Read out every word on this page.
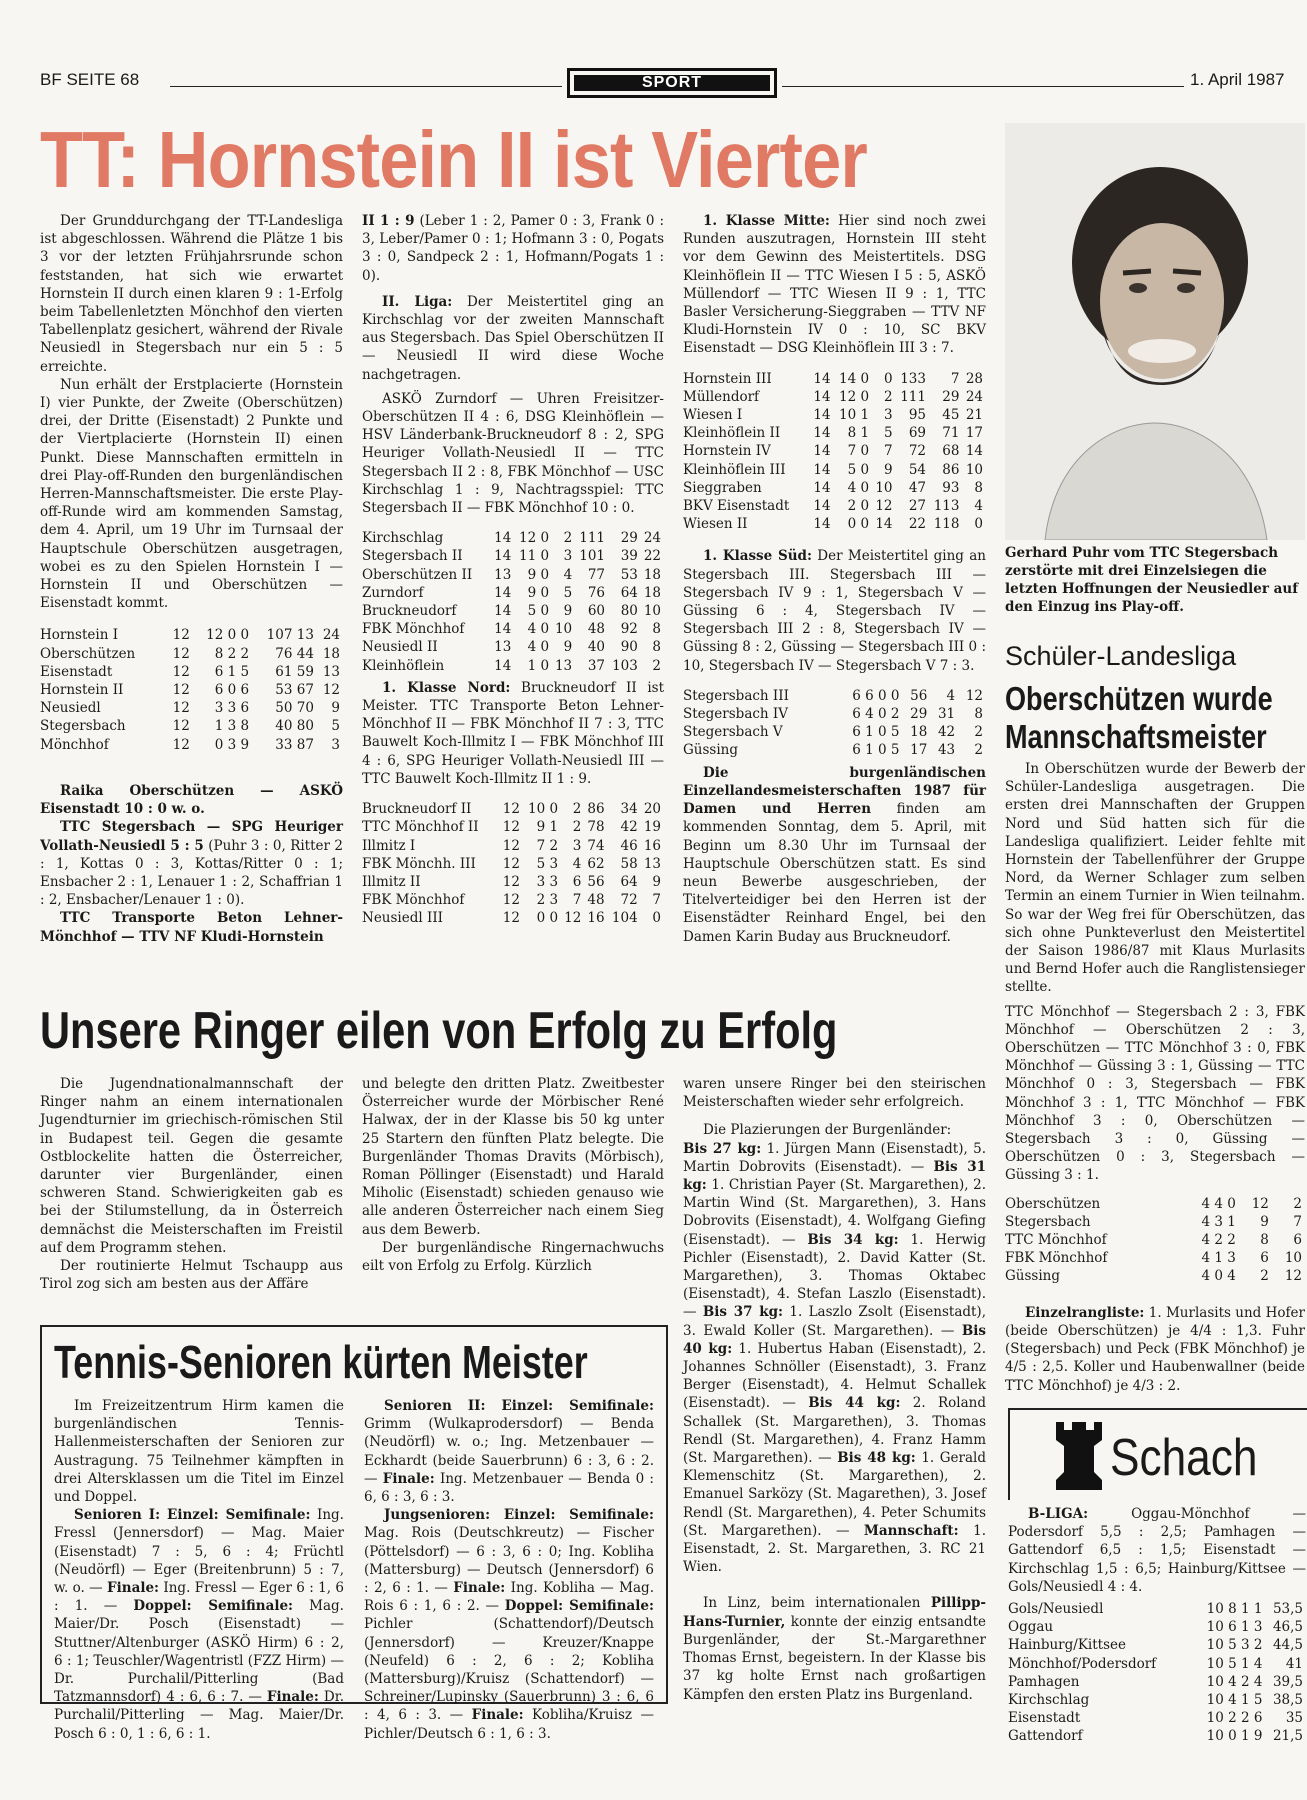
BF SEITE 68	SPORT	1. April 1987
TT: Hornstein II ist Vierter

Der Grunddurchgang der TT-Landesliga ist abgeschlossen. Während die Plätze 1 bis 3 vor der letzten Frühjahrsrunde schon feststanden, hat sich wie erwartet Hornstein II durch einen klaren 9 : 1-Erfolg beim Tabellenletzten Mönchhof den vierten Tabellenplatz gesichert, während der Rivale Neusiedl in Stegersbach nur ein 5 : 5 erreichte.

Nun erhält der Erstplacierte (Hornstein I) vier Punkte, der Zweite (Oberschützen) drei, der Dritte (Eisenstadt) 2 Punkte und der Viertplacierte (Hornstein II) einen Punkt. Diese Mannschaften ermitteln in drei Play-off-Runden den burgenländischen Herren-Mannschaftsmeister. Die erste Play-off-Runde wird am kommenden Samstag, dem 4. April, um 19 Uhr im Turnsaal der Hauptschule Oberschützen ausgetragen, wobei es zu den Spielen Hornstein I — Hornstein II und Oberschützen — Eisenstadt kommt.

Hornstein I	12	12 0 0	107 13	24
Oberschützen	12	8 2 2	76 44	18
Eisenstadt	12	6 1 5	61 59	13
Hornstein II	12	6 0 6	53 67	12
Neusiedl	12	3 3 6	50 70	9
Stegersbach	12	1 3 8	40 80	5
Mönchhof	12	0 3 9	33 87	3

Raika Oberschützen — ASKÖ Eisenstadt 10 : 0 w. o.

TTC Stegersbach — SPG Heuriger Vollath-Neusiedl 5 : 5 (Puhr 3 : 0, Ritter 2 : 1, Kottas 0 : 3, Kottas/Ritter 0 : 1; Ensbacher 2 : 1, Lenauer 1 : 2, Schaffrian 1 : 2, Ensbacher/Lenauer 1 : 0).

TTC Transporte Beton Lehner-Mönchhof — TTV NF Kludi-Hornstein

II 1 : 9 (Leber 1 : 2, Pamer 0 : 3, Frank 0 : 3, Leber/Pamer 0 : 1; Hofmann 3 : 0, Pogats 3 : 0, Sandpeck 2 : 1, Hofmann/Pogats 1 : 0).

II. Liga: Der Meistertitel ging an Kirchschlag vor der zweiten Mannschaft aus Stegersbach. Das Spiel Oberschützen II — Neusiedl II wird diese Woche nachgetragen.

ASKÖ Zurndorf — Uhren Freisitzer-Oberschützen II 4 : 6, DSG Kleinhöflein — HSV Länderbank-Bruckneudorf 8 : 2, SPG Heuriger Vollath-Neusiedl II — TTC Stegersbach II 2 : 8, FBK Mönchhof — USC Kirchschlag 1 : 9, Nachtragsspiel: TTC Stegersbach II — FBK Mönchhof 10 : 0.

Kirchschlag	14	12 0	2	111	29	24
Stegersbach II	14	11 0	3	101	39	22
Oberschützen II	13	9 0	4	77	53	18
Zurndorf	14	9 0	5	76	64	18
Bruckneudorf	14	5 0	9	60	80	10
FBK Mönchhof	14	4 0	10	48	92	8
Neusiedl II	13	4 0	9	40	90	8
Kleinhöflein	14	1 0	13	37	103	2

1. Klasse Nord: Bruckneudorf II ist Meister. TTC Transporte Beton Lehner-Mönchhof II — FBK Mönchhof II 7 : 3, TTC Bauwelt Koch-Illmitz I — FBK Mönchhof III 4 : 6, SPG Heuriger Vollath-Neusiedl III — TTC Bauwelt Koch-Illmitz II 1 : 9.

Bruckneudorf II	12	10 0	2	86	34	20
TTC Mönchhof II	12	9 1	2	78	42	19
Illmitz I	12	7 2	3	74	46	16
FBK Mönchh. III	12	5 3	4	62	58	13
Illmitz II	12	3 3	6	56	64	9
FBK Mönchhof	12	2 3	7	48	72	7
Neusiedl III	12	0 0	12	16	104	0

1. Klasse Mitte: Hier sind noch zwei Runden auszutragen, Hornstein III steht vor dem Gewinn des Meistertitels. DSG Kleinhöflein II — TTC Wiesen I 5 : 5, ASKÖ Müllendorf — TTC Wiesen II 9 : 1, TTC Basler Versicherung-Sieggraben — TTV NF Kludi-Hornstein IV 0 : 10, SC BKV Eisenstadt — DSG Kleinhöflein III 3 : 7.

Hornstein III	14	14 0	0	133	7	28
Müllendorf	14	12 0	2	111	29	24
Wiesen I	14	10 1	3	95	45	21
Kleinhöflein II	14	8 1	5	69	71	17
Hornstein IV	14	7 0	7	72	68	14
Kleinhöflein III	14	5 0	9	54	86	10
Sieggraben	14	4 0	10	47	93	8
BKV Eisenstadt	14	2 0	12	27	113	4
Wiesen II	14	0 0	14	22	118	0

1. Klasse Süd: Der Meistertitel ging an Stegersbach III. Stegersbach III — Stegersbach IV 9 : 1, Stegersbach V — Güssing 6 : 4, Stegersbach IV — Stegersbach III 2 : 8, Stegersbach IV — Güssing 8 : 2, Güssing — Stegersbach III 0 : 10, Stegersbach IV — Stegersbach V 7 : 3.

Stegersbach III	6 6 0 0	56	4	12
Stegersbach IV	6 4 0 2	29	31	8
Stegersbach V	6 1 0 5	18	42	2
Güssing	6 1 0 5	17	43	2

Die burgenländischen Einzellandesmeisterschaften 1987 für Damen und Herren finden am kommenden Sonntag, dem 5. April, mit Beginn um 8.30 Uhr im Turnsaal der Hauptschule Oberschützen statt. Es sind neun Bewerbe ausgeschrieben, der Titelverteidiger bei den Herren ist der Eisenstädter Reinhard Engel, bei den Damen Karin Buday aus Bruckneudorf.

Gerhard Puhr vom TTC Stegersbach zerstörte mit drei Einzelsiegen die letzten Hoffnungen der Neusiedler auf den Einzug ins Play-off.
Schüler-Landesliga
Oberschützen wurde
Mannschaftsmeister

In Oberschützen wurde der Bewerb der Schüler-Landesliga ausgetragen. Die ersten drei Mannschaften der Gruppen Nord und Süd hatten sich für die Landesliga qualifiziert. Leider fehlte mit Hornstein der Tabellenführer der Gruppe Nord, da Werner Schlager zum selben Termin an einem Turnier in Wien teilnahm. So war der Weg frei für Oberschützen, das sich ohne Punkteverlust den Meistertitel der Saison 1986/87 mit Klaus Murlasits und Bernd Hofer auch die Ranglistensieger stellte.

TTC Mönchhof — Stegersbach 2 : 3, FBK Mönchhof — Oberschützen 2 : 3, Oberschützen — TTC Mönchhof 3 : 0, FBK Mönchhof — Güssing 3 : 1, Güssing — TTC Mönchhof 0 : 3, Stegersbach — FBK Mönchhof 3 : 1, TTC Mönchhof — FBK Mönchhof 3 : 0, Oberschützen — Stegersbach 3 : 0, Güssing — Oberschützen 0 : 3, Stegersbach — Güssing 3 : 1.

Oberschützen	4 4 0	12	2
Stegersbach	4 3 1	9	7
TTC Mönchhof	4 2 2	8	6
FBK Mönchhof	4 1 3	6	10
Güssing	4 0 4	2	12

Einzelrangliste: 1. Murlasits und Hofer (beide Oberschützen) je 4/4 : 1,3. Fuhr (Stegersbach) und Peck (FBK Mönchhof) je 4/5 : 2,5. Koller und Haubenwallner (beide TTC Mönchhof) je 4/3 : 2.

Unsere Ringer eilen von Erfolg zu Erfolg

Die Jugendnationalmannschaft der Ringer nahm an einem internationalen Jugendturnier im griechisch-römischen Stil in Budapest teil. Gegen die gesamte Ostblockelite hatten die Österreicher, darunter vier Burgenländer, einen schweren Stand. Schwierigkeiten gab es bei der Stilumstellung, da in Österreich demnächst die Meisterschaften im Freistil auf dem Programm stehen.

Der routinierte Helmut Tschaupp aus Tirol zog sich am besten aus der Affäre

und belegte den dritten Platz. Zweitbester Österreicher wurde der Mörbischer René Halwax, der in der Klasse bis 50 kg unter 25 Startern den fünften Platz belegte. Die Burgenländer Thomas Dravits (Mörbisch), Roman Pöllinger (Eisenstadt) und Harald Miholic (Eisenstadt) schieden genauso wie alle anderen Österreicher nach einem Sieg aus dem Bewerb.

Der burgenländische Ringernachwuchs eilt von Erfolg zu Erfolg. Kürzlich

waren unsere Ringer bei den steirischen Meisterschaften wieder sehr erfolgreich.

Die Plazierungen der Burgenländer:

Bis 27 kg: 1. Jürgen Mann (Eisenstadt), 5. Martin Dobrovits (Eisenstadt). — Bis 31 kg: 1. Christian Payer (St. Margarethen), 2. Martin Wind (St. Margarethen), 3. Hans Dobrovits (Eisenstadt), 4. Wolfgang Giefing (Eisenstadt). — Bis 34 kg: 1. Herwig Pichler (Eisenstadt), 2. David Katter (St. Margarethen), 3. Thomas Oktabec (Eisenstadt), 4. Stefan Laszlo (Eisenstadt). — Bis 37 kg: 1. Laszlo Zsolt (Eisenstadt), 3. Ewald Koller (St. Margarethen). — Bis 40 kg: 1. Hubertus Haban (Eisenstadt), 2. Johannes Schnöller (Eisenstadt), 3. Franz Berger (Eisenstadt), 4. Helmut Schallek (Eisenstadt). — Bis 44 kg: 2. Roland Schallek (St. Margarethen), 3. Thomas Rendl (St. Margarethen), 4. Franz Hamm (St. Margarethen). — Bis 48 kg: 1. Gerald Klemenschitz (St. Margarethen), 2. Emanuel Sarközy (St. Magarethen), 3. Josef Rendl (St. Margarethen), 4. Peter Schumits (St. Margarethen). — Mannschaft: 1. Eisenstadt, 2. St. Margarethen, 3. RC 21 Wien.

In Linz, beim internationalen Pillipp-Hans-Turnier, konnte der einzig entsandte Burgenländer, der St.-Margarethner Thomas Ernst, begeistern. In der Klasse bis 37 kg holte Ernst nach großartigen Kämpfen den ersten Platz ins Burgenland.

Tennis-Senioren kürten Meister

Im Freizeitzentrum Hirm kamen die burgenländischen Tennis-Hallenmeisterschaften der Senioren zur Austragung. 75 Teilnehmer kämpften in drei Altersklassen um die Titel im Einzel und Doppel.

Senioren I: Einzel: Semifinale: Ing. Fressl (Jennersdorf) — Mag. Maier (Eisenstadt) 7 : 5, 6 : 4; Früchtl (Neudörfl) — Eger (Breitenbrunn) 5 : 7, w. o. — Finale: Ing. Fressl — Eger 6 : 1, 6 : 1. — Doppel: Semifinale: Mag. Maier/Dr. Posch (Eisenstadt) — Stuttner/Altenburger (ASKÖ Hirm) 6 : 2, 6 : 1; Teuschler/Wagentristl (FZZ Hirm) — Dr. Purchalil/Pitterling (Bad Tatzmannsdorf) 4 : 6, 6 : 7. — Finale: Dr. Purchalil/Pitterling — Mag. Maier/Dr. Posch 6 : 0, 1 : 6, 6 : 1.

Senioren II: Einzel: Semifinale: Grimm (Wulkaprodersdorf) — Benda (Neudörfl) w. o.; Ing. Metzenbauer — Eckhardt (beide Sauerbrunn) 6 : 3, 6 : 2. — Finale: Ing. Metzenbauer — Benda 0 : 6, 6 : 3, 6 : 3.

Jungsenioren: Einzel: Semifinale: Mag. Rois (Deutschkreutz) — Fischer (Pöttelsdorf) — 6 : 3, 6 : 0; Ing. Kobliha (Mattersburg) — Deutsch (Jennersdorf) 6 : 2, 6 : 1. — Finale: Ing. Kobliha — Mag. Rois 6 : 1, 6 : 2. — Doppel: Semifinale: Pichler (Schattendorf)/Deutsch (Jennersdorf) — Kreuzer/Knappe (Neufeld) 6 : 2, 6 : 2; Kobliha (Mattersburg)/Kruisz (Schattendorf) — Schreiner/Lupinsky (Sauerbrunn) 3 : 6, 6 : 4, 6 : 3. — Finale: Kobliha/Kruisz — Pichler/Deutsch 6 : 1, 6 : 3.

Schach

B-LIGA: Oggau-Mönchhof — Podersdorf 5,5 : 2,5; Pamhagen — Gattendorf 6,5 : 1,5; Eisenstadt — Kirchschlag 1,5 : 6,5; Hainburg/Kittsee — Gols/Neusiedl 4 : 4.

Gols/Neusiedl	10 8 1 1	53,5
Oggau	10 6 1 3	46,5
Hainburg/Kittsee	10 5 3 2	44,5
Mönchhof/Podersdorf	10 5 1 4	41
Pamhagen	10 4 2 4	39,5
Kirchschlag	10 4 1 5	38,5
Eisenstadt	10 2 2 6	35
Gattendorf	10 0 1 9	21,5
